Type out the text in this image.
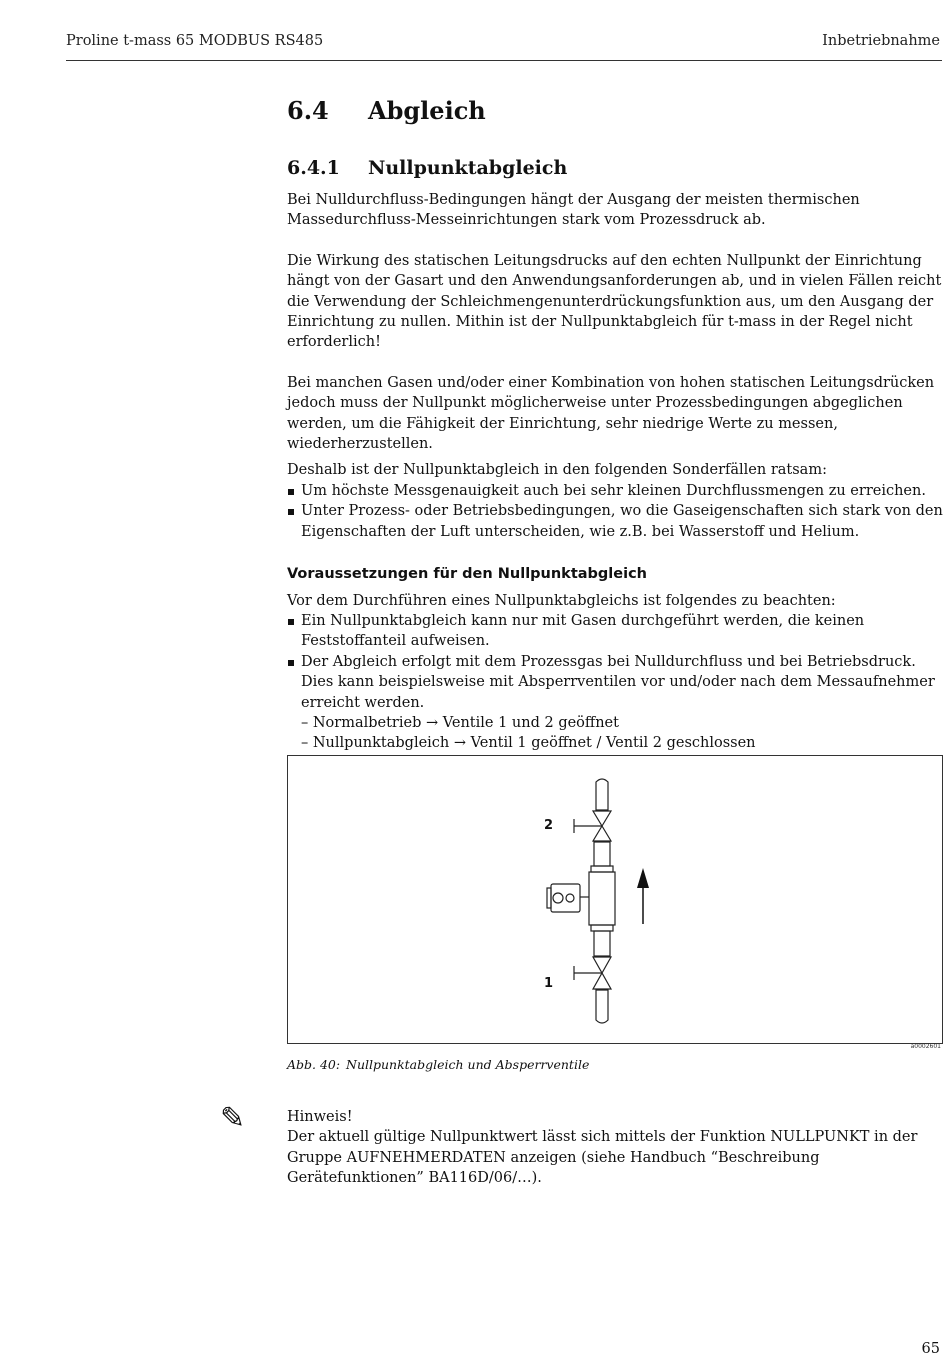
Proline t-mass 65 MODBUS RS485	Inbetriebnahme
6.4 Abgleich
6.4.1 Nullpunktabgleich

Bei Nulldurchfluss-Bedingungen hängt der Ausgang der meisten thermischen Massedurchfluss-Messeinrichtungen stark vom Prozessdruck ab.

Die Wirkung des statischen Leitungsdrucks auf den echten Nullpunkt der Einrichtung hängt von der Gasart und den Anwendungsanforderungen ab, und in vielen Fällen reicht die Verwendung der Schleichmengenunterdrückungsfunktion aus, um den Ausgang der Einrichtung zu nullen. Mithin ist der Nullpunktabgleich für t-mass in der Regel nicht erforderlich!

Bei manchen Gasen und/oder einer Kombination von hohen statischen Leitungsdrücken jedoch muss der Nullpunkt möglicherweise unter Prozessbedingungen abgeglichen werden, um die Fähigkeit der Einrichtung, sehr niedrige Werte zu messen, wiederherzustellen.

Deshalb ist der Nullpunktabgleich in den folgenden Sonderfällen ratsam:

Um höchste Messgenauigkeit auch bei sehr kleinen Durchflussmengen zu erreichen.

Unter Prozess- oder Betriebsbedingungen, wo die Gaseigenschaften sich stark von den Eigenschaften der Luft unterscheiden, wie z.B. bei Wasserstoff und Helium.

Voraussetzungen für den Nullpunktabgleich

Vor dem Durchführen eines Nullpunktabgleichs ist folgendes zu beachten:

Ein Nullpunktabgleich kann nur mit Gasen durchgeführt werden, die keinen Feststoffanteil aufweisen.

Der Abgleich erfolgt mit dem Prozessgas bei Nulldurchfluss und bei Betriebsdruck. Dies kann beispielsweise mit Absperrventilen vor und/oder nach dem Messaufnehmer erreicht werden.

– Normalbetrieb → Ventile 1 und 2 geöffnet

– Nullpunktabgleich → Ventil 1 geöffnet / Ventil 2 geschlossen

2
1
a0002601
Abb. 40: Nullpunktabgleich und Absperrventile
✎	Hinweis!

Der aktuell gültige Nullpunktwert lässt sich mittels der Funktion NULLPUNKT in der Gruppe AUFNEHMERDATEN anzeigen (siehe Handbuch “Beschreibung Gerätefunktionen” BA116D/06/…).

65
